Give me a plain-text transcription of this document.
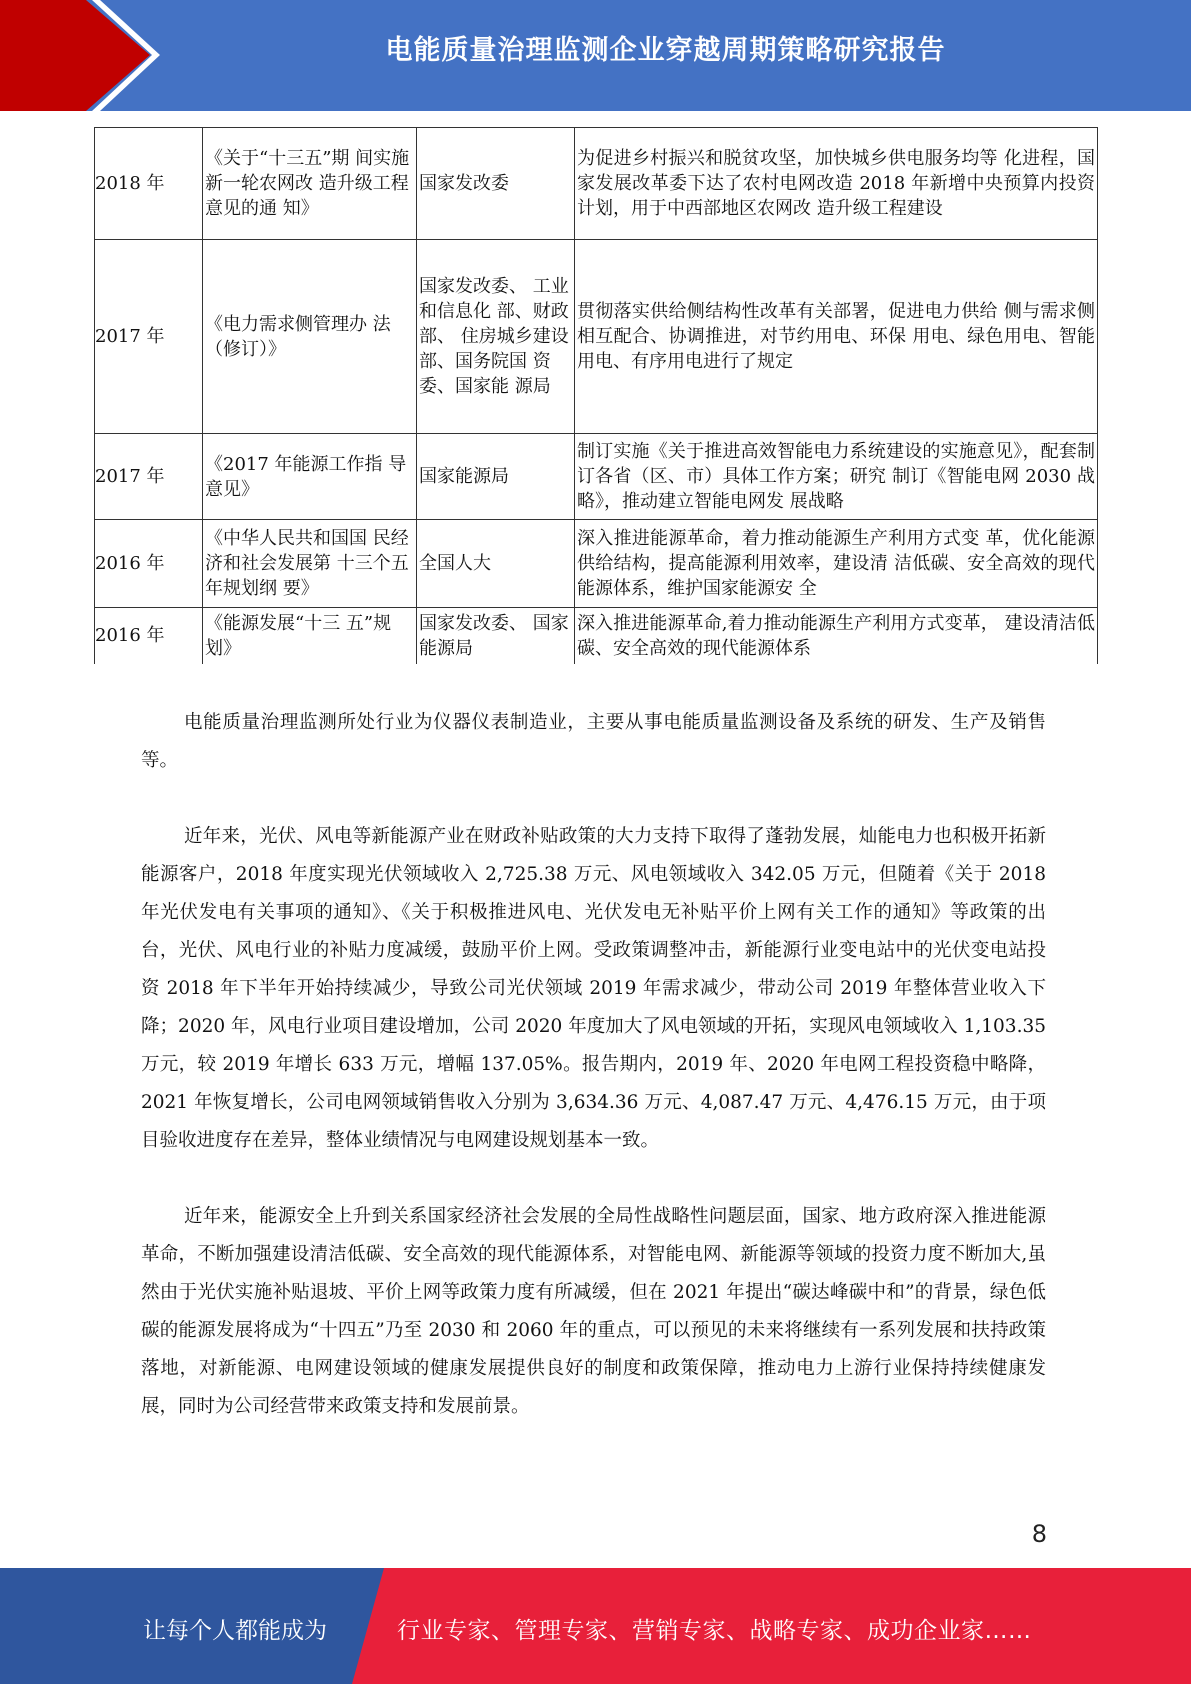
电能质量治理监测企业穿越周期策略研究报告
2018 年	《关于“十三五”期 间实施新一轮农网改 造升级工程意见的通 知》	国家发改委	为促进乡村振兴和脱贫攻坚，加快城乡供电服务均等 化进程，国家发展改革委下达了农村电网改造 2018 年新增中央预算内投资计划，用于中西部地区农网改 造升级工程建设
2017 年	《电力需求侧管理办 法（修订）》	国家发改委、 工业和信息化 部、财政部、 住房城乡建设 部、国务院国 资委、国家能 源局	贯彻落实供给侧结构性改革有关部署，促进电力供给 侧与需求侧相互配合、协调推进，对节约用电、环保 用电、绿色用电、智能用电、有序用电进行了规定
2017 年	《2017 年能源工作指 导意见》	国家能源局	制订实施《关于推进高效智能电力系统建设的实施意见》，配套制订各省（区、市）具体工作方案；研究 制订《智能电网 2030 战略》，推动建立智能电网发 展战略
2016 年	《中华人民共和国国 民经济和社会发展第 十三个五年规划纲 要》	全国人大	深入推进能源革命，着力推动能源生产利用方式变 革，优化能源供给结构，提高能源利用效率，建设清 洁低碳、安全高效的现代能源体系，维护国家能源安 全
2016 年	《能源发展“十三 五”规划》	国家发改委、 国家能源局	深入推进能源革命,着力推动能源生产利用方式变革， 建设清洁低碳、安全高效的现代能源体系

电能质量治理监测所处行业为仪器仪表制造业，主要从事电能质量监测设备及系统的研发、生产及销售等。

近年来，光伏、风电等新能源产业在财政补贴政策的大力支持下取得了蓬勃发展，灿能电力也积极开拓新能源客户，2018 年度实现光伏领域收入 2,725.38 万元、风电领域收入 342.05 万元，但随着《关于 2018 年光伏发电有关事项的通知》、《关于积极推进风电、光伏发电无补贴平价上网有关工作的通知》等政策的出台，光伏、风电行业的补贴力度减缓，鼓励平价上网。受政策调整冲击，新能源行业变电站中的光伏变电站投资 2018 年下半年开始持续减少，导致公司光伏领域 2019 年需求减少，带动公司 2019 年整体营业收入下降；2020 年，风电行业项目建设增加，公司 2020 年度加大了风电领域的开拓，实现风电领域收入 1,103.35 万元，较 2019 年增长 633 万元，增幅 137.05%。报告期内，2019 年、2020 年电网工程投资稳中略降，2021 年恢复增长，公司电网领域销售收入分别为 3,634.36 万元、4,087.47 万元、4,476.15 万元，由于项目验收进度存在差异，整体业绩情况与电网建设规划基本一致。

近年来，能源安全上升到关系国家经济社会发展的全局性战略性问题层面，国家、地方政府深入推进能源革命，不断加强建设清洁低碳、安全高效的现代能源体系，对智能电网、新能源等领域的投资力度不断加大,虽然由于光伏实施补贴退坡、平价上网等政策力度有所减缓，但在 2021 年提出“碳达峰碳中和”的背景，绿色低碳的能源发展将成为“十四五”乃至 2030 和 2060 年的重点，可以预见的未来将继续有一系列发展和扶持政策落地，对新能源、电网建设领域的健康发展提供良好的制度和政策保障，推动电力上游行业保持持续健康发展，同时为公司经营带来政策支持和发展前景。

8
让每个人都能成为	行业专家、管理专家、营销专家、战略专家、成功企业家……
